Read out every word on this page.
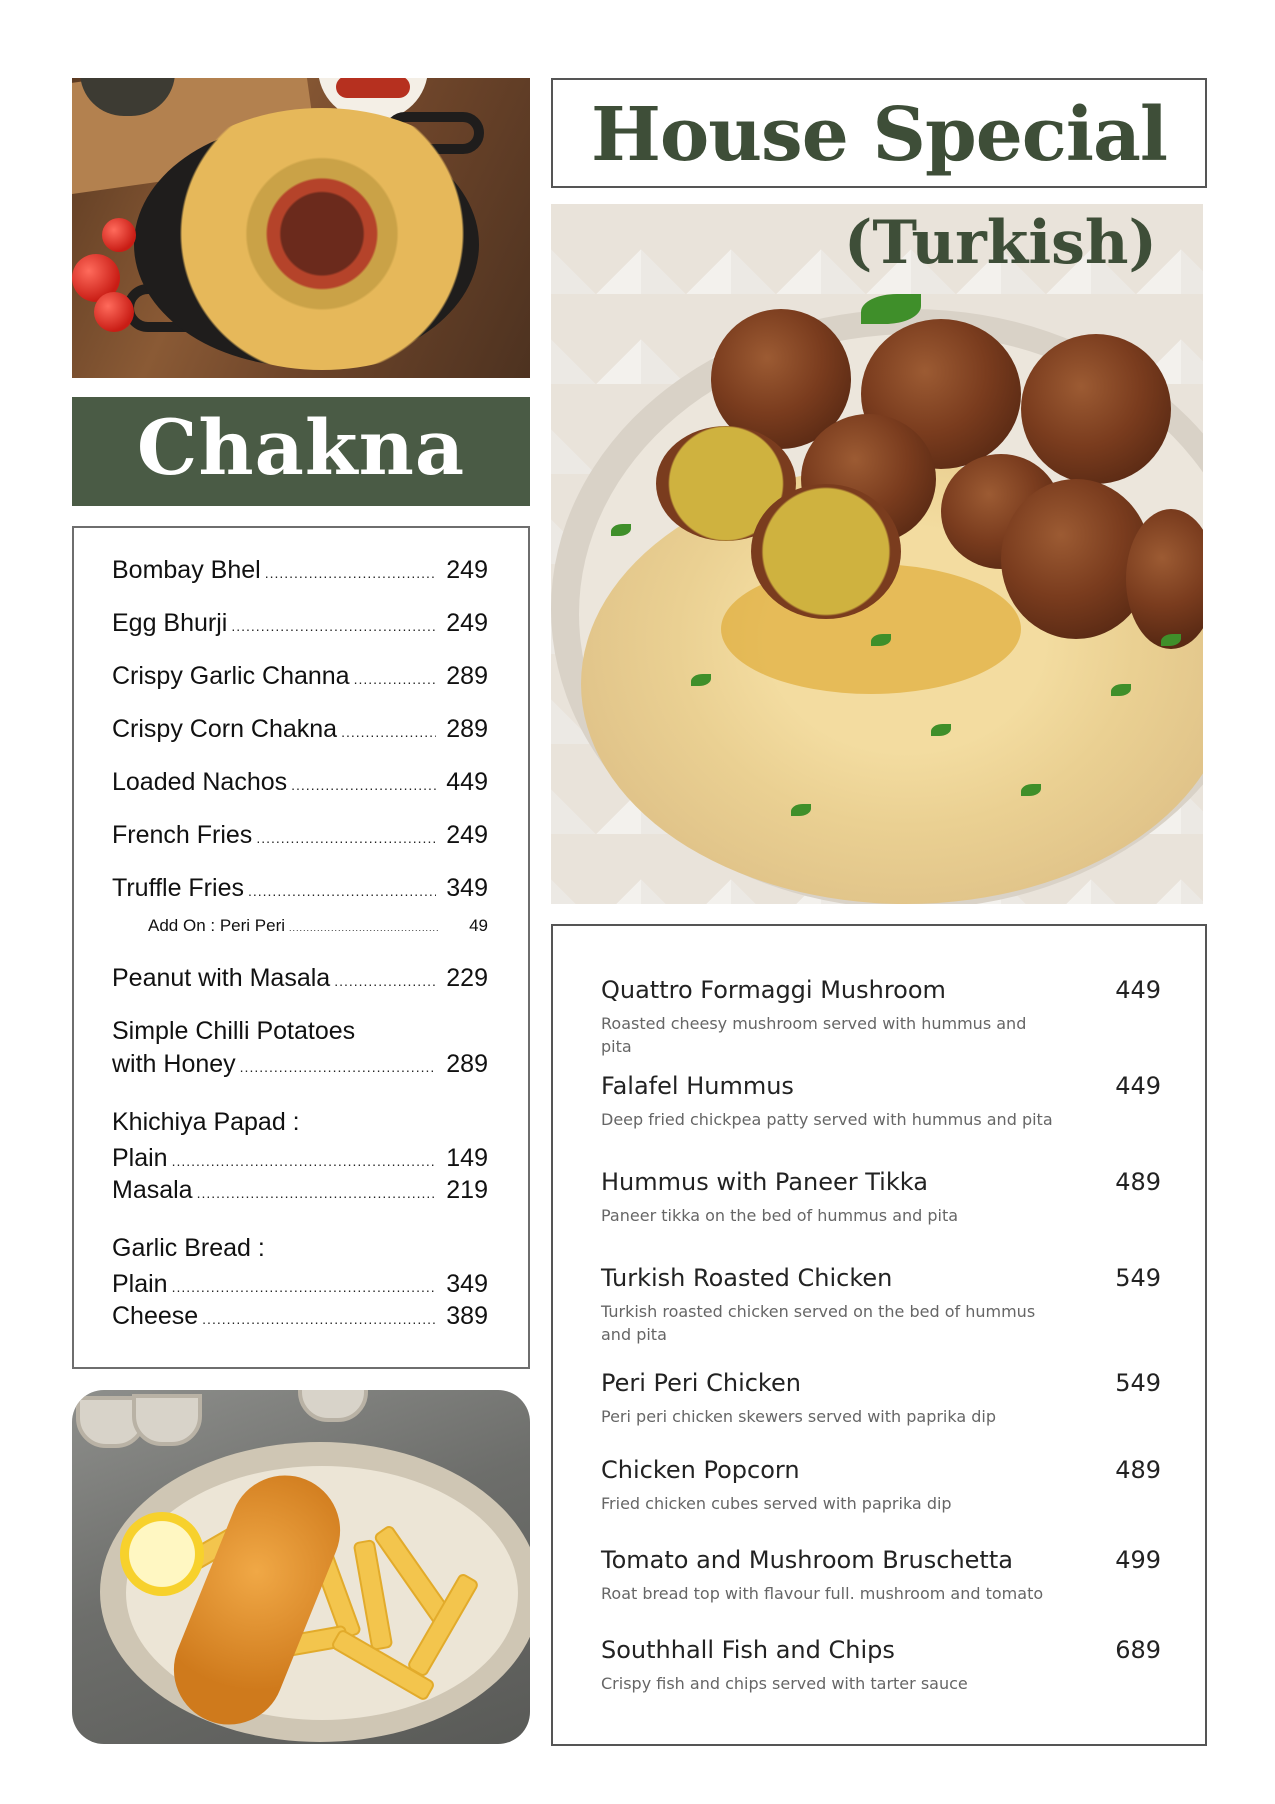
Chakna
Bombay Bhel .....	249
Egg Bhurji .....	249
Crispy Garlic Channa .....	289
Crispy Corn Chakna .....	289
Loaded Nachos .....	449
French Fries .....	249
Truffle Fries .....	349
Add On : Peri Peri .....	49
Peanut with Masala .....	229
Simple Chilli Potatoes
with Honey .....	289
Khichiya Papad :
Plain .....	149
Masala .....	219
Garlic Bread :
Plain .....	349
Cheese .....	389
House Special
(Turkish)
Quattro Formaggi Mushroom	449
Roasted cheesy mushroom served with hummus and pita
Falafel Hummus	449
Deep fried chickpea patty served with hummus and pita
Hummus with Paneer Tikka	489
Paneer tikka on the bed of hummus and pita
Turkish Roasted Chicken	549
Turkish roasted chicken served on the bed of hummus and pita
Peri Peri Chicken	549
Peri peri chicken skewers served with paprika dip
Chicken Popcorn	489
Fried chicken cubes served with paprika dip
Tomato and Mushroom Bruschetta	499
Roat bread top with flavour full. mushroom and tomato
Southhall Fish and Chips	689
Crispy fish and chips served with tarter sauce
